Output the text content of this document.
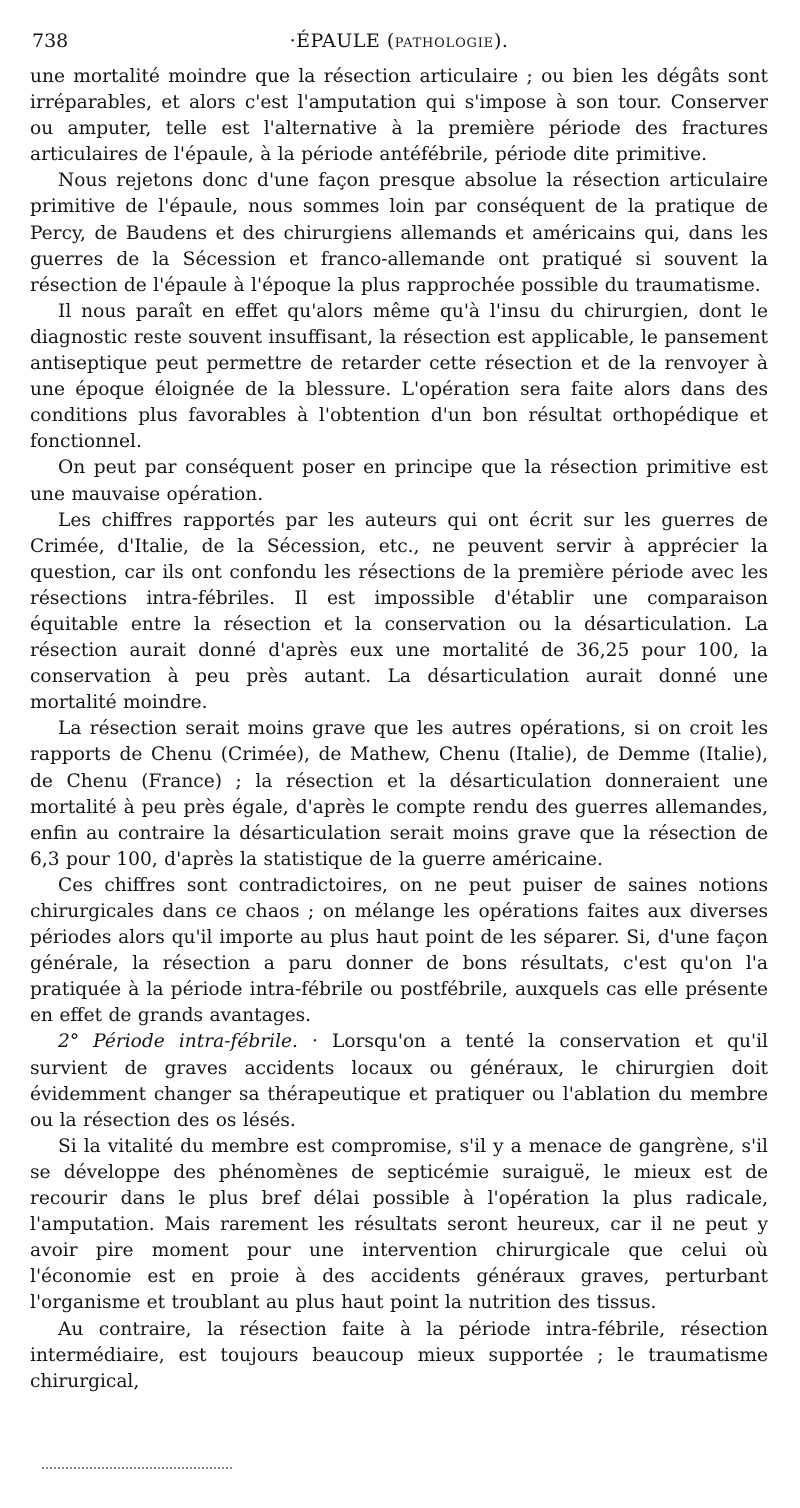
738	·ÉPAULE (PATHOLOGIE).

une mortalité moindre que la résection articulaire ; ou bien les dégâts sont irréparables, et alors c'est l'amputation qui s'impose à son tour. Conserver ou amputer, telle est l'alternative à la première période des fractures articulaires de l'épaule, à la période antéfébrile, période dite primitive.

Nous rejetons donc d'une façon presque absolue la résection articulaire primitive de l'épaule, nous sommes loin par conséquent de la pratique de Percy, de Baudens et des chirurgiens allemands et américains qui, dans les guerres de la Sécession et franco-allemande ont pratiqué si souvent la résection de l'épaule à l'époque la plus rapprochée possible du traumatisme.

Il nous paraît en effet qu'alors même qu'à l'insu du chirurgien, dont le diagnostic reste souvent insuffisant, la résection est applicable, le pansement antiseptique peut permettre de retarder cette résection et de la renvoyer à une époque éloignée de la blessure. L'opération sera faite alors dans des conditions plus favorables à l'obtention d'un bon résultat orthopédique et fonctionnel.

On peut par conséquent poser en principe que la résection primitive est une mauvaise opération.

Les chiffres rapportés par les auteurs qui ont écrit sur les guerres de Crimée, d'Italie, de la Sécession, etc., ne peuvent servir à apprécier la question, car ils ont confondu les résections de la première période avec les résections intra-fébriles. Il est impossible d'établir une comparaison équitable entre la résection et la conservation ou la désarticulation. La résection aurait donné d'après eux une mortalité de 36,25 pour 100, la conservation à peu près autant. La désarticulation aurait donné une mortalité moindre.

La résection serait moins grave que les autres opérations, si on croit les rapports de Chenu (Crimée), de Mathew, Chenu (Italie), de Demme (Italie), de Chenu (France) ; la résection et la désarticulation donneraient une mortalité à peu près égale, d'après le compte rendu des guerres allemandes, enfin au contraire la désarticulation serait moins grave que la résection de 6,3 pour 100, d'après la statistique de la guerre américaine.

Ces chiffres sont contradictoires, on ne peut puiser de saines notions chirurgicales dans ce chaos ; on mélange les opérations faites aux diverses périodes alors qu'il importe au plus haut point de les séparer. Si, d'une façon générale, la résection a paru donner de bons résultats, c'est qu'on l'a pratiquée à la période intra-fébrile ou postfébrile, auxquels cas elle présente en effet de grands avantages.

2° Période intra-fébrile. · Lorsqu'on a tenté la conservation et qu'il survient de graves accidents locaux ou généraux, le chirurgien doit évidemment changer sa thérapeutique et pratiquer ou l'ablation du membre ou la résection des os lésés.

Si la vitalité du membre est compromise, s'il y a menace de gangrène, s'il se développe des phénomènes de septicémie suraiguë, le mieux est de recourir dans le plus bref délai possible à l'opération la plus radicale, l'amputation. Mais rarement les résultats seront heureux, car il ne peut y avoir pire moment pour une intervention chirurgicale que celui où l'économie est en proie à des accidents généraux graves, perturbant l'organisme et troublant au plus haut point la nutrition des tissus.

Au contraire, la résection faite à la période intra-fébrile, résection intermédiaire, est toujours beaucoup mieux supportée ; le traumatisme chirurgical,
